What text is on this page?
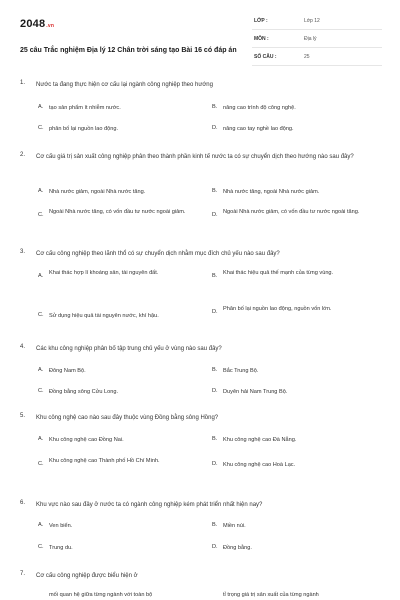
2048.vn
25 câu Trắc nghiệm Địa lý 12 Chân trời sáng tạo Bài 16 có đáp án
LỚP :	Lớp 12
MÔN :	Địa lý
SỐ CÂU :	25
1. Nước ta đang thực hiện cơ cấu lại ngành công nghiệp theo hướng
A. tạo sản phẩm ít nhiễm nước.	B. nâng cao trình độ công nghệ.
C. phân bố lại nguồn lao động.	D. nâng cao tay nghề lao động.
2. Cơ cấu giá trị sản xuất công nghiệp phân theo thành phần kinh tế nước ta có sự chuyển dịch theo hướng nào sau đây?
A. Nhà nước giảm, ngoài Nhà nước tăng.	B. Nhà nước tăng, ngoài Nhà nước giảm.
C. Ngoài Nhà nước tăng, có vốn đầu tư nước ngoài giảm.	D. Ngoài Nhà nước giảm, có vốn đầu tư nước ngoài tăng.
3. Cơ cấu công nghiệp theo lãnh thổ có sự chuyển dịch nhằm mục đích chủ yếu nào sau đây?
A. Khai thác hợp lí khoáng sản, tài nguyên đất.	B. Khai thác hiệu quả thế mạnh của từng vùng.
C. Sử dụng hiệu quả tài nguyên nước, khí hậu.
D. Phân bố lại nguồn lao động, nguồn vốn lớn.
4. Các khu công nghiệp phân bố tập trung chủ yếu ở vùng nào sau đây?
A. Đông Nam Bộ.	B. Bắc Trung Bộ.
C. Đồng bằng sông Cửu Long.	D. Duyên hải Nam Trung Bộ.
5. Khu công nghệ cao nào sau đây thuộc vùng Đồng bằng sông Hồng?
A. Khu công nghệ cao Đồng Nai.	B. Khu công nghệ cao Đà Nẵng.
C. Khu công nghệ cao Thành phố Hồ Chí Minh.	D. Khu công nghệ cao Hoà Lạc.
6. Khu vực nào sau đây ở nước ta có ngành công nghiệp kém phát triển nhất hiện nay?
A. Ven biển.	B. Miền núi.
C. Trung du.	D. Đồng bằng.
7. Cơ cấu công nghiệp được biểu hiện ở
mối quan hệ giữa từng ngành với toàn bộ	tỉ trọng giá trị sản xuất của từng ngành
